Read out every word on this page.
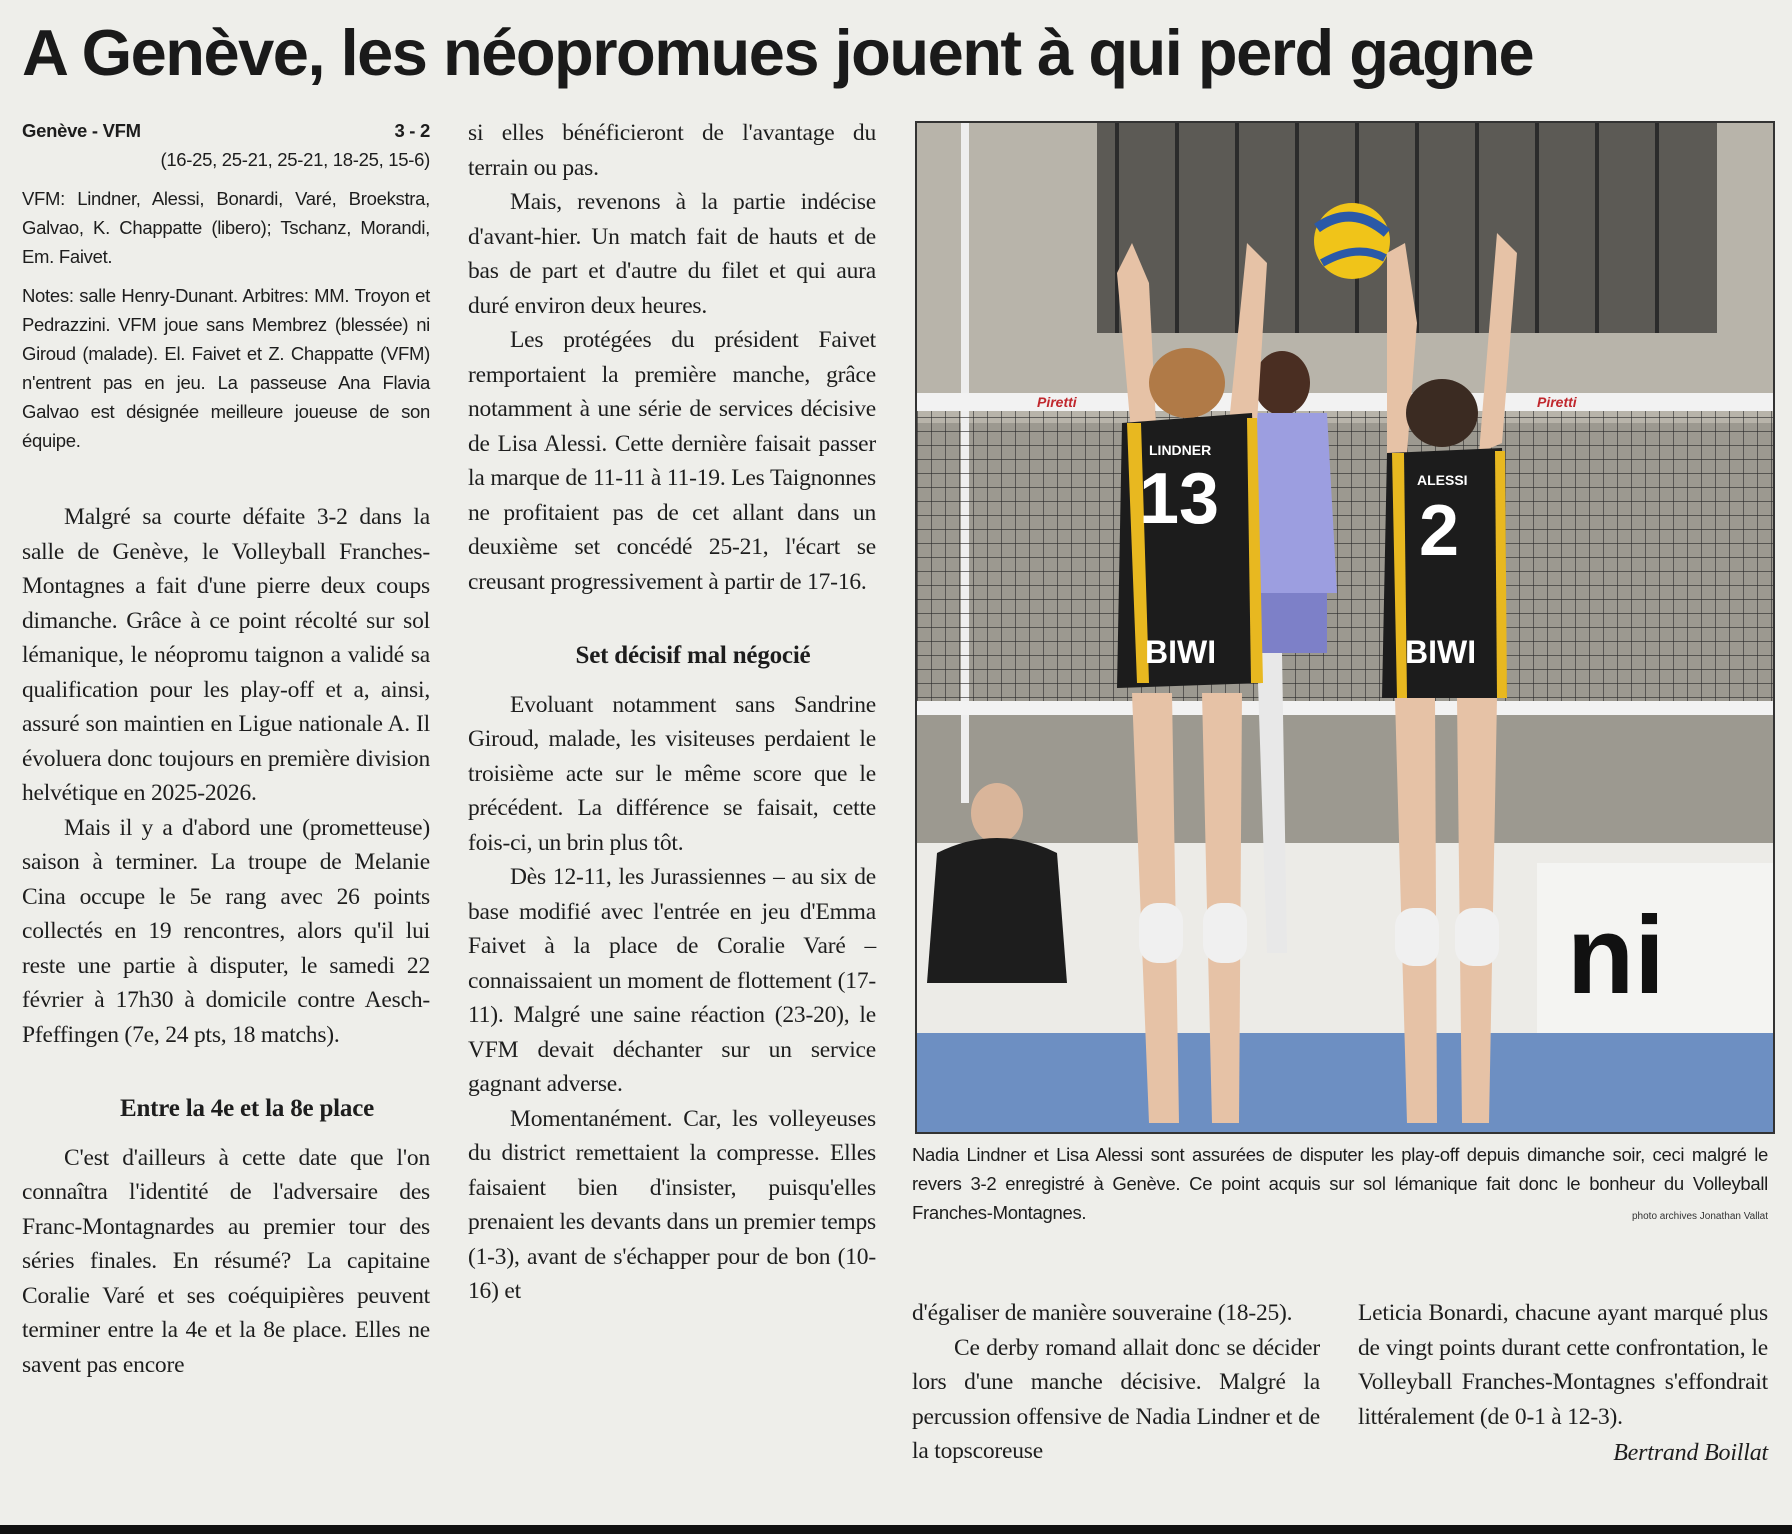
A Genève, les néopromues jouent à qui perd gagne
Genève - VFM	3 - 2
(16-25, 25-21, 25-21, 18-25, 15-6)

VFM: Lindner, Alessi, Bonardi, Varé, Broekstra, Galvao, K. Chappatte (libero); Tschanz, Morandi, Em. Faivet.

Notes: salle Henry-Dunant. Arbitres: MM. Troyon et Pedrazzini. VFM joue sans Membrez (blessée) ni Giroud (malade). El. Faivet et Z. Chappatte (VFM) n'entrent pas en jeu. La passeuse Ana Flavia Galvao est désignée meilleure joueuse de son équipe.

Malgré sa courte défaite 3-2 dans la salle de Genève, le Volleyball Franches-Montagnes a fait d'une pierre deux coups dimanche. Grâce à ce point récolté sur sol lémanique, le néopromu taignon a validé sa qualification pour les play-off et a, ainsi, assuré son maintien en Ligue nationale A. Il évoluera donc toujours en première division helvétique en 2025-2026.

Mais il y a d'abord une (prometteuse) saison à terminer. La troupe de Melanie Cina occupe le 5e rang avec 26 points collectés en 19 rencontres, alors qu'il lui reste une partie à disputer, le samedi 22 février à 17h30 à domicile contre Aesch-Pfeffingen (7e, 24 pts, 18 matchs).

Entre la 4e et la 8e place

C'est d'ailleurs à cette date que l'on connaîtra l'identité de l'adversaire des Franc-Montagnardes au premier tour des séries finales. En résumé? La capitaine Coralie Varé et ses coéquipières peuvent terminer entre la 4e et la 8e place. Elles ne savent pas encore

si elles bénéficieront de l'avantage du terrain ou pas.

Mais, revenons à la partie indécise d'avant-hier. Un match fait de hauts et de bas de part et d'autre du filet et qui aura duré environ deux heures.

Les protégées du président Faivet remportaient la première manche, grâce notamment à une série de services décisive de Lisa Alessi. Cette dernière faisait passer la marque de 11-11 à 11-19. Les Taignonnes ne profitaient pas de cet allant dans un deuxième set concédé 25-21, l'écart se creusant progressivement à partir de 17-16.

Set décisif mal négocié

Evoluant notamment sans Sandrine Giroud, malade, les visiteuses perdaient le troisième acte sur le même score que le précédent. La différence se faisait, cette fois-ci, un brin plus tôt.

Dès 12-11, les Jurassiennes – au six de base modifié avec l'entrée en jeu d'Emma Faivet à la place de Coralie Varé – connaissaient un moment de flottement (17-11). Malgré une saine réaction (23-20), le VFM devait déchanter sur un service gagnant adverse.

Momentanément. Car, les volleyeuses du district remettaient la compresse. Elles faisaient bien d'insister, puisqu'elles prenaient les devants dans un premier temps (1-3), avant de s'échapper pour de bon (10-16) et

ni
Piretti	Piretti
LINDNER
13
BIWI
ALESSI
2
BIWI
Nadia Lindner et Lisa Alessi sont assurées de disputer les play-off depuis dimanche soir, ceci malgré le revers 3-2 enregistré à Genève. Ce point acquis sur sol lémanique fait donc le bonheur du Volleyball Franches-Montagnes.	photo archives Jonathan Vallat

d'égaliser de manière souveraine (18-25).

Ce derby romand allait donc se décider lors d'une manche décisive. Malgré la percussion offensive de Nadia Lindner et de la topscoreuse

Leticia Bonardi, chacune ayant marqué plus de vingt points durant cette confrontation, le Volleyball Franches-Montagnes s'effondrait littéralement (de 0-1 à 12-3).

Bertrand Boillat
